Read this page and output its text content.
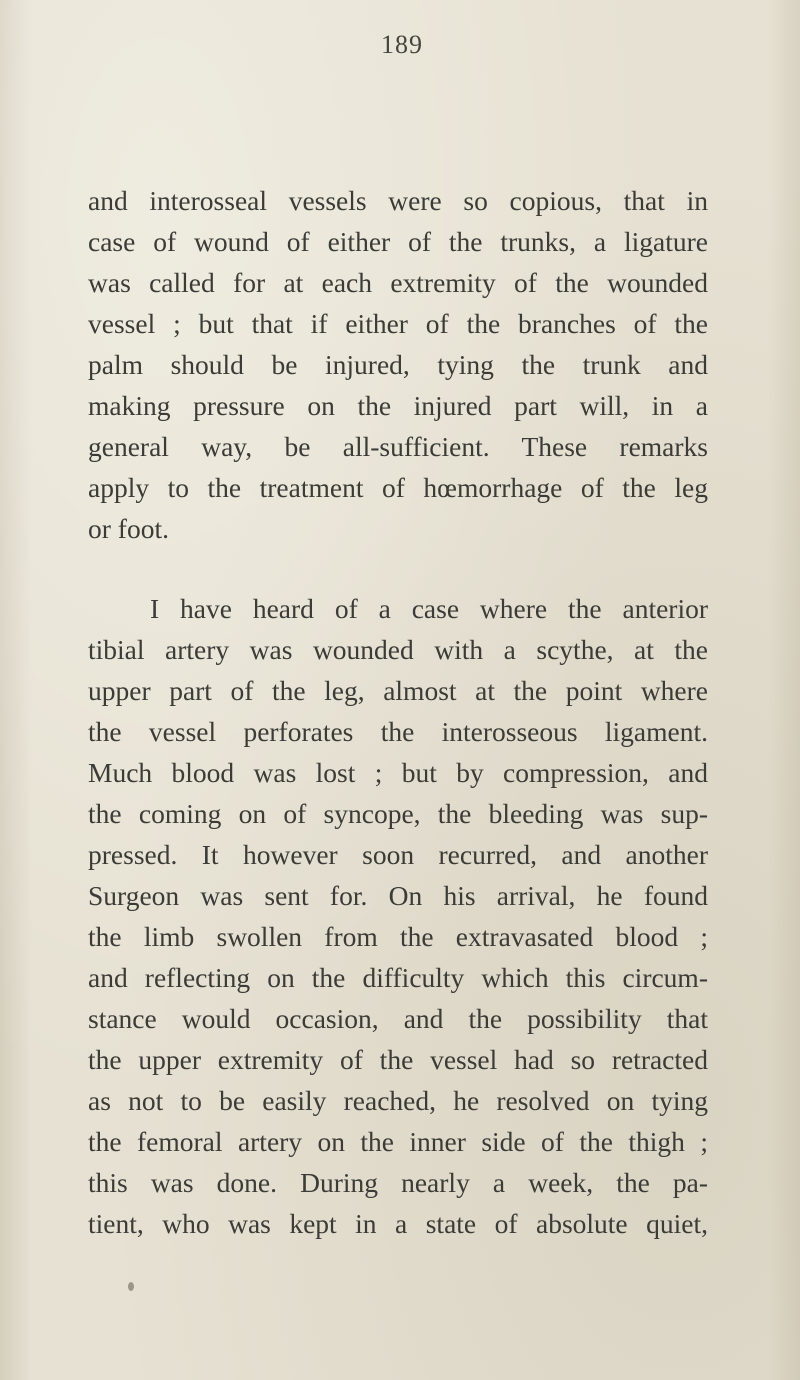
189
and interosseal vessels were so copious, that in
case of wound of either of the trunks, a ligature
was called for at each extremity of the wounded
vessel ; but that if either of the branches of the
palm should be injured, tying the trunk and
making pressure on the injured part will, in a
general way, be all-sufficient. These remarks
apply to the treatment of hœmorrhage of the leg
or foot.
I have heard of a case where the anterior
tibial artery was wounded with a scythe, at the
upper part of the leg, almost at the point where
the vessel perforates the interosseous ligament.
Much blood was lost ; but by compression, and
the coming on of syncope, the bleeding was sup-
pressed. It however soon recurred, and another
Surgeon was sent for. On his arrival, he found
the limb swollen from the extravasated blood ;
and reflecting on the difficulty which this circum-
stance would occasion, and the possibility that
the upper extremity of the vessel had so retracted
as not to be easily reached, he resolved on tying
the femoral artery on the inner side of the thigh ;
this was done. During nearly a week, the pa-
tient, who was kept in a state of absolute quiet,
